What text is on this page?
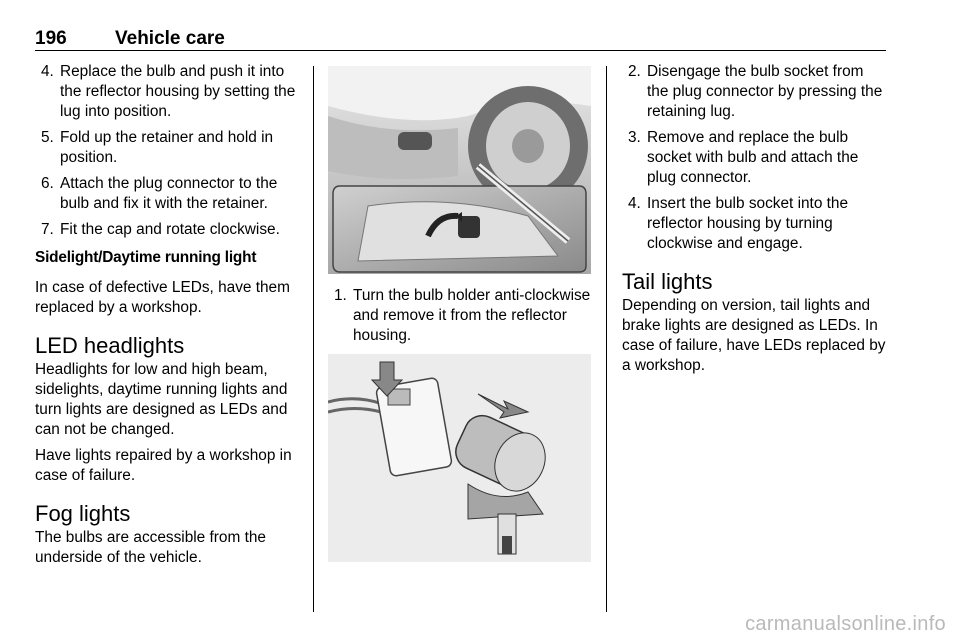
196	Vehicle care
4. Replace the bulb and push it into the reflector housing by setting the lug into position.
5. Fold up the retainer and hold in position.
6. Attach the plug connector to the bulb and fix it with the retainer.
7. Fit the cap and rotate clockwise.
Sidelight/Daytime running light

In case of defective LEDs, have them replaced by a workshop.

LED headlights

Headlights for low and high beam, sidelights, daytime running lights and turn lights are designed as LEDs and can not be changed.

Have lights repaired by a workshop in case of failure.

Fog lights

The bulbs are accessible from the underside of the vehicle.

1. Turn the bulb holder anti-clockwise and remove it from the reflector housing.
2. Disengage the bulb socket from the plug connector by pressing the retaining lug.
3. Remove and replace the bulb socket with bulb and attach the plug connector.
4. Insert the bulb socket into the reflector housing by turning clockwise and engage.
Tail lights

Depending on version, tail lights and brake lights are designed as LEDs. In case of failure, have LEDs replaced by a workshop.

carmanualsonline.info
